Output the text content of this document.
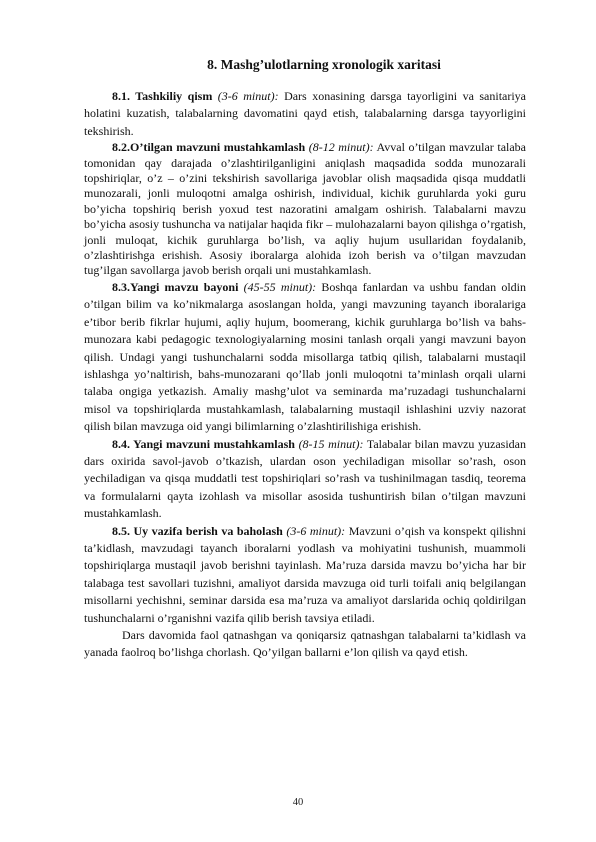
8. Mashg’ulotlarning xronologik xaritasi

8.1. Tashkiliy qism (3-6 minut): Dars xonasining darsga tayorligini va sanitariya holatini kuzatish, talabalarning davomatini qayd etish, talabalarning darsga tayyorligini tekshirish.

8.2.O’tilgan mavzuni mustahkamlash (8-12 minut): Avval o’tilgan mavzular talaba tomonidan qay darajada o’zlashtirilganligini aniqlash maqsadida sodda munozarali topshiriqlar, o’z – o’zini tekshirish savollariga javoblar olish maqsadida qisqa muddatli munozarali, jonli muloqotni amalga oshirish, individual, kichik guruhlarda yoki guru bo’yicha topshiriq berish yoxud test nazoratini amalgam oshirish. Talabalarni mavzu bo’yicha asosiy tushuncha va natijalar haqida fikr – mulohazalarni bayon qilishga o’rgatish, jonli muloqat, kichik guruhlarga bo’lish, va aqliy hujum usullaridan foydalanib, o’zlashtirishga erishish. Asosiy iboralarga alohida izoh berish va o’tilgan mavzudan tug’ilgan savollarga javob berish orqali uni mustahkamlash.

8.3.Yangi mavzu bayoni (45-55 minut): Boshqa fanlardan va ushbu fandan oldin o’tilgan bilim va ko’nikmalarga asoslangan holda, yangi mavzuning tayanch iboralariga e’tibor berib fikrlar hujumi, aqliy hujum, boomerang, kichik guruhlarga bo’lish va bahs-munozara kabi pedagogic texnologiyalarning mosini tanlash orqali yangi mavzuni bayon qilish. Undagi yangi tushunchalarni sodda misollarga tatbiq qilish, talabalarni mustaqil ishlashga yo’naltirish, bahs-munozarani qo’llab jonli muloqotni ta’minlash orqali ularni talaba ongiga yetkazish. Amaliy mashg’ulot va seminarda ma’ruzadagi tushunchalarni misol va topshiriqlarda mustahkamlash, talabalarning mustaqil ishlashini uzviy nazorat qilish bilan mavzuga oid yangi bilimlarning o’zlashtirilishiga erishish.

8.4. Yangi mavzuni mustahkamlash (8-15 minut): Talabalar bilan mavzu yuzasidan dars oxirida savol-javob o’tkazish, ulardan oson yechiladigan misollar so’rash, oson yechiladigan va qisqa muddatli test topshiriqlari so’rash va tushinilmagan tasdiq, teorema va formulalarni qayta izohlash va misollar asosida tushuntirish bilan o’tilgan mavzuni mustahkamlash.

8.5. Uy vazifa berish va baholash (3-6 minut): Mavzuni o’qish va konspekt qilishni ta’kidlash, mavzudagi tayanch iboralarni yodlash va mohiyatini tushunish, muammoli topshiriqlarga mustaqil javob berishni tayinlash. Ma’ruza darsida mavzu bo’yicha har bir talabaga test savollari tuzishni, amaliyot darsida mavzuga oid turli toifali aniq belgilangan misollarni yechishni, seminar darsida esa ma’ruza va amaliyot darslarida ochiq qoldirilgan tushunchalarni o’rganishni vazifa qilib berish tavsiya etiladi.

Dars davomida faol qatnashgan va qoniqarsiz qatnashgan talabalarni ta’kidlash va yanada faolroq bo’lishga chorlash. Qo’yilgan ballarni e’lon qilish va qayd etish.

40
